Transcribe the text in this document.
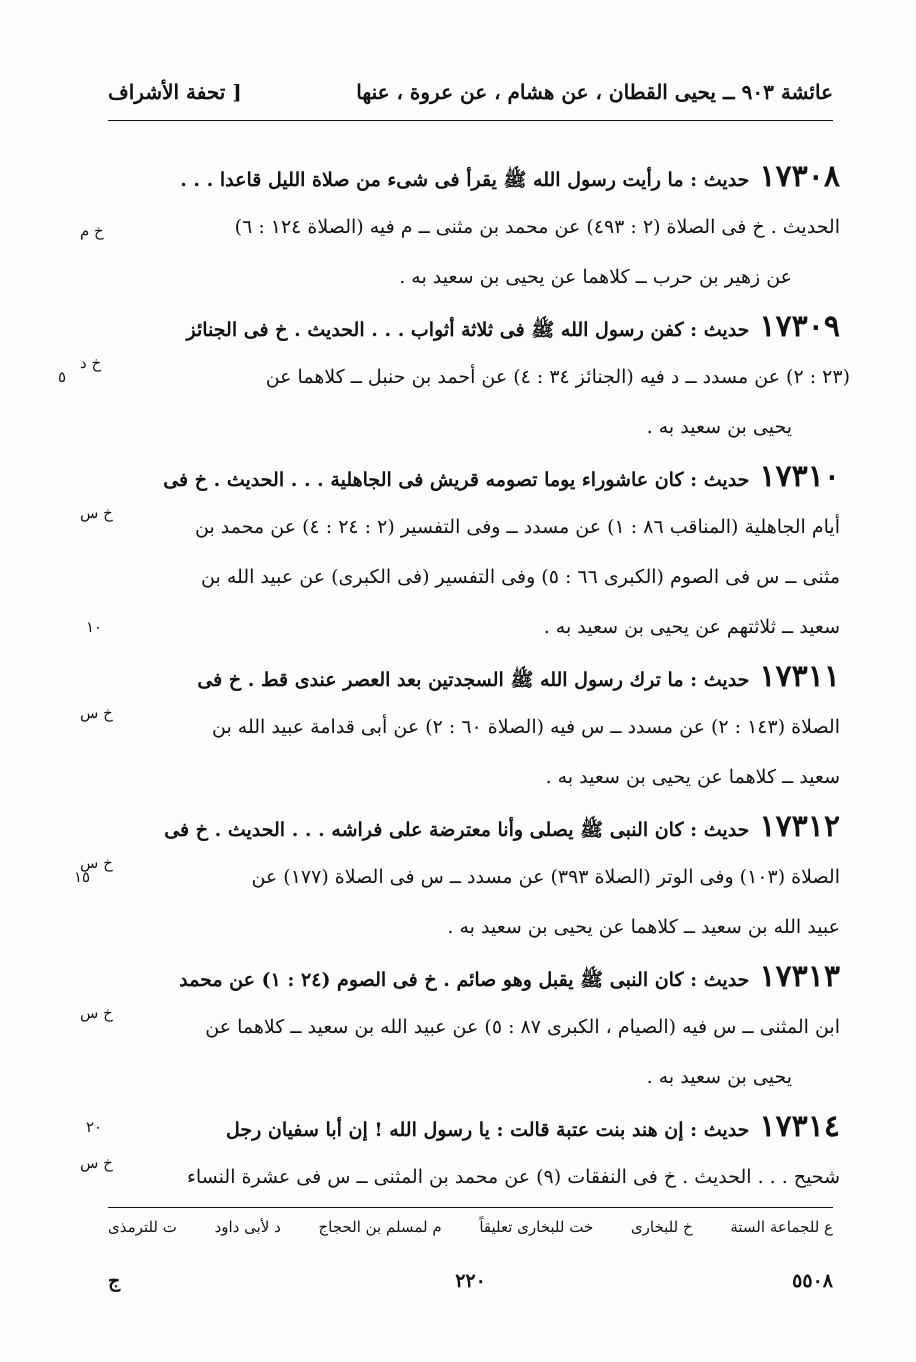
عائشة ٩٠٣ ــ يحيى القطان ، عن هشام ، عن عروة ، عنها
[ تحفة الأشراف
١٧٣٠٨حديث : ما رأيت رسول الله ﷺ يقرأ فى شىء من صلاة الليل قاعدا . . .
خ م	الحديث . خ فى الصلاة (٢ : ٤٩٣) عن محمد بن مثنى ــ م فيه (الصلاة ١٢٤ : ٦)
عن زهير بن حرب ــ كلاهما عن يحيى بن سعيد به .
١٧٣٠٩حديث : كفن رسول الله ﷺ فى ثلاثة أثواب . . . الحديث . خ فى الجنائز
خ د
٥	(٢٣ : ٢) عن مسدد ــ د فيه (الجنائز ٣٤ : ٤) عن أحمد بن حنبل ــ كلاهما عن
يحيى بن سعيد به .
١٧٣١٠حديث : كان عاشوراء يوما تصومه قريش فى الجاهلية . . . الحديث . خ فى
خ س
أيام الجاهلية (المناقب ٨٦ : ١) عن مسدد ــ وفى التفسير (٢ : ٢٤ : ٤) عن محمد بن
مثنى ــ س فى الصوم (الكبرى ٦٦ : ٥) وفى التفسير (فى الكبرى) عن عبيد الله بن
١٠	سعيد ــ ثلاثتهم عن يحيى بن سعيد به .
١٧٣١١حديث : ما ترك رسول الله ﷺ السجدتين بعد العصر عندى قط . خ فى
خ س
الصلاة (١٤٣ : ٢) عن مسدد ــ س فيه (الصلاة ٦٠ : ٢) عن أبى قدامة عبيد الله بن
سعيد ــ كلاهما عن يحيى بن سعيد به .
١٧٣١٢حديث : كان النبى ﷺ يصلى وأنا معترضة على فراشه . . . الحديث . خ فى
خ س
١٥	الصلاة (١٠٣) وفى الوتر (الصلاة ٣٩٣) عن مسدد ــ س فى الصلاة (١٧٧) عن
عبيد الله بن سعيد ــ كلاهما عن يحيى بن سعيد به .
١٧٣١٣حديث : كان النبى ﷺ يقبل وهو صائم . خ فى الصوم (٢٤ : ١) عن محمد
خ س
ابن المثنى ــ س فيه (الصيام ، الكبرى ٨٧ : ٥) عن عبيد الله بن سعيد ــ كلاهما عن
يحيى بن سعيد به .
٢٠	١٧٣١٤حديث : إن هند بنت عتبة قالت : يا رسول الله ! إن أبا سفيان رجل
خ س
شحيح . . . الحديث . خ فى النفقات (٩) عن محمد بن المثنى ــ س فى عشرة النساء
ع للجماعة الستة
خ للبخارى
خت للبخارى تعليقاً
م لمسلم بن الحجاج
د لأبى داود
ت للترمذى
٥٥٠٨
٢٢٠
ج
